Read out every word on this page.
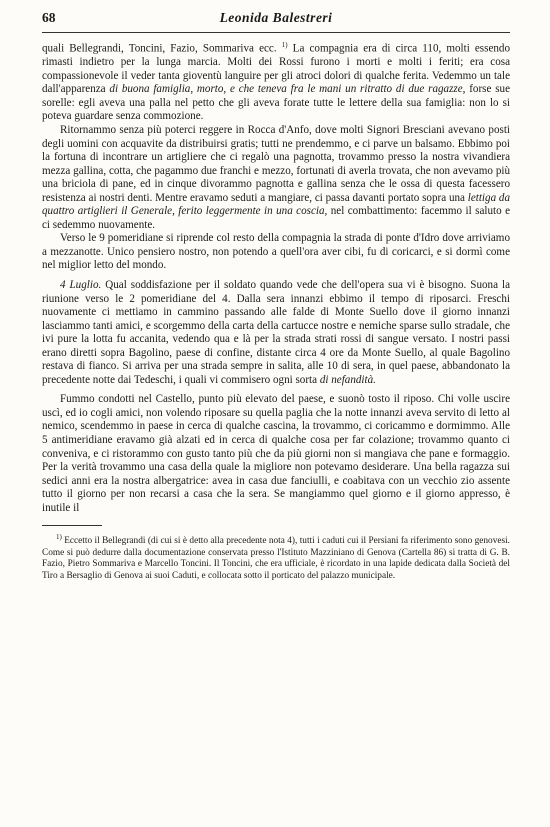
68	Leonida Balestreri

quali Bellegrandi, Toncini, Fazio, Sommariva ecc. $^{1)}$ La compagnia era di circa 110, molti essendo rimasti indietro per la lunga marcia. Molti dei Rossi furono i morti e molti i feriti; era cosa compassionevole il veder tanta gioventù languire per gli atroci dolori di qualche ferita. Vedemmo un tale dall'apparenza di buona famiglia, morto, e che teneva fra le mani un ritratto di due ragazze, forse sue sorelle: egli aveva una palla nel petto che gli aveva forate tutte le lettere della sua famiglia: non lo si poteva guardare senza commozione.

Ritornammo senza più poterci reggere in Rocca d'Anfo, dove molti Signori Bresciani avevano posti degli uomini con acquavite da distribuirsi gratis; tutti ne prendemmo, e ci parve un balsamo. Ebbimo poi la fortuna di incontrare un artigliere che ci regalò una pagnotta, trovammo presso la nostra vivandiera mezza gallina, cotta, che pagammo due franchi e mezzo, fortunati di averla trovata, che non avevamo più una briciola di pane, ed in cinque divorammo pagnotta e gallina senza che le ossa di questa facessero resistenza ai nostri denti. Mentre eravamo seduti a mangiare, ci passa davanti portato sopra una lettiga da quattro artiglieri il Generale, ferito leggermente in una coscia, nel combattimento: facemmo il saluto e ci sedemmo nuovamente.

Verso le 9 pomeridiane si riprende col resto della compagnia la strada di ponte d'Idro dove arriviamo a mezzanotte. Unico pensiero nostro, non potendo a quell'ora aver cibi, fu di coricarci, e si dormì come nel miglior letto del mondo.

4 Luglio. Qual soddisfazione per il soldato quando vede che dell'opera sua vi è bisogno. Suona la riunione verso le 2 pomeridiane del 4. Dalla sera innanzi ebbimo il tempo di riposarci. Freschi nuovamente ci mettiamo in cammino passando alle falde di Monte Suello dove il giorno innanzi lasciammo tanti amici, e scorgemmo della carta della cartucce nostre e nemiche sparse sullo stradale, che ivi pure la lotta fu accanita, vedendo qua e là per la strada strati rossi di sangue versato. I nostri passi erano diretti sopra Bagolino, paese di confine, distante circa 4 ore da Monte Suello, al quale Bagolino restava di fianco. Si arriva per una strada sempre in salita, alle 10 di sera, in quel paese, abbandonato la precedente notte dai Tedeschi, i quali vi commisero ogni sorta di nefandità.

Fummo condotti nel Castello, punto più elevato del paese, e suonò tosto il riposo. Chi volle uscire uscì, ed io cogli amici, non volendo riposare su quella paglia che la notte innanzi aveva servito di letto al nemico, scendemmo in paese in cerca di qualche cascina, la trovammo, ci coricammo e dormimmo. Alle 5 antimeridiane eravamo già alzati ed in cerca di qualche cosa per far colazione; trovammo quanto ci conveniva, e ci ristorammo con gusto tanto più che da più giorni non si mangiava che pane e formaggio. Per la verità trovammo una casa della quale la migliore non potevamo desiderare. Una bella ragazza sui sedici anni era la nostra albergatrice: avea in casa due fanciulli, e coabitava con un vecchio zio assente tutto il giorno per non recarsi a casa che la sera. Se mangiammo quel giorno e il giorno appresso, è inutile il

$^{1)}$ Eccetto il Bellegrandi (di cui si è detto alla precedente nota 4), tutti i caduti cui il Persiani fa riferimento sono genovesi. Come si può dedurre dalla documentazione conservata presso l'Istituto Mazziniano di Genova (Cartella 86) si tratta di G. B. Fazio, Pietro Sommariva e Marcello Toncini. Il Toncini, che era ufficiale, è ricordato in una lapide dedicata dalla Società del Tiro a Bersaglio di Genova ai suoi Caduti, e collocata sotto il porticato del palazzo municipale.
